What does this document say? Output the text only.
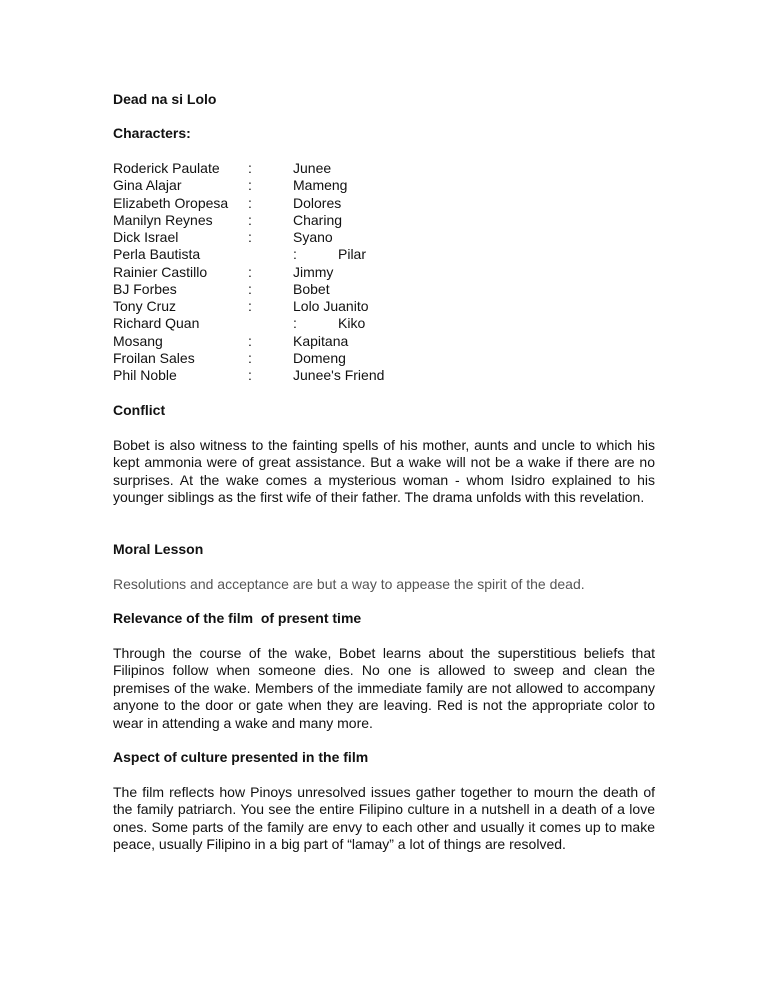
Dead na si Lolo
Characters:
Roderick Paulate :	Junee
Gina Alajar	:	Mameng
Elizabeth Oropesa :	Dolores
Manilyn Reynes	:	Charing
Dick Israel	:	Syano
Perla Bautista	:	Pilar
Rainier Castillo	:	Jimmy
BJ Forbes	:	Bobet
Tony Cruz	:	Lolo Juanito
Richard Quan	:	Kiko
Mosang	:	Kapitana
Froilan Sales	:	Domeng
Phil Noble	:	Junee's Friend
Conflict

Bobet is also witness to the fainting spells of his mother, aunts and uncle to which his kept ammonia were of great assistance. But a wake will not be a wake if there are no surprises. At the wake comes a mysterious woman - whom Isidro explained to his younger siblings as the first wife of their father. The drama unfolds with this revelation.

Moral Lesson

Resolutions and acceptance are but a way to appease the spirit of the dead.

Relevance of the film  of present time

Through the course of the wake, Bobet learns about the superstitious beliefs that Filipinos follow when someone dies. No one is allowed to sweep and clean the premises of the wake. Members of the immediate family are not allowed to accompany anyone to the door or gate when they are leaving. Red is not the appropriate color to wear in attending a wake and many more.

Aspect of culture presented in the film

The film reflects how Pinoys unresolved issues gather together to mourn the death of the family patriarch. You see the entire Filipino culture in a nutshell in a death of a love ones. Some parts of the family are envy to each other and usually it comes up to make peace, usually Filipino in a big part of “lamay” a lot of things are resolved.
